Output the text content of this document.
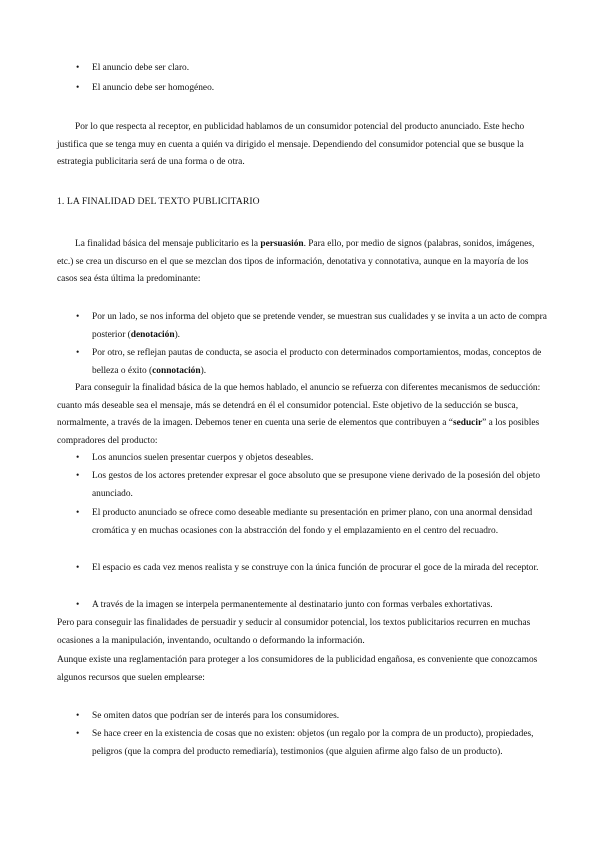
• El anuncio debe ser claro.

• El anuncio debe ser homogéneo.

Por lo que respecta al receptor, en publicidad hablamos de un consumidor potencial del producto anunciado. Este hecho justifica que se tenga muy en cuenta a quién va dirigido el mensaje. Dependiendo del consumidor potencial que se busque la estrategia publicitaria será de una forma o de otra.

1. LA FINALIDAD DEL TEXTO PUBLICITARIO

La finalidad básica del mensaje publicitario es la persuasión. Para ello, por medio de signos (palabras, sonidos, imágenes, etc.) se crea un discurso en el que se mezclan dos tipos de información, denotativa y connotativa, aunque en la mayoría de los casos sea ésta última la predominante:

• Por un lado, se nos informa del objeto que se pretende vender, se muestran sus cualidades y se invita a un acto de compra posterior (denotación).

• Por otro, se reflejan pautas de conducta, se asocia el producto con determinados comportamientos, modas, conceptos de belleza o éxito (connotación).

Para conseguir la finalidad básica de la que hemos hablado, el anuncio se refuerza con diferentes mecanismos de seducción: cuanto más deseable sea el mensaje, más se detendrá en él el consumidor potencial. Este objetivo de la seducción se busca, normalmente, a través de la imagen. Debemos tener en cuenta una serie de elementos que contribuyen a “seducir” a los posibles compradores del producto:

• Los anuncios suelen presentar cuerpos y objetos deseables.

• Los gestos de los actores pretender expresar el goce absoluto que se presupone viene derivado de la posesión del objeto anunciado.

• El producto anunciado se ofrece como deseable mediante su presentación en primer plano, con una anormal densidad cromática y en muchas ocasiones con la abstracción del fondo y el emplazamiento en el centro del recuadro.

• El espacio es cada vez menos realista y se construye con la única función de procurar el goce de la mirada del receptor.

• A través de la imagen se interpela permanentemente al destinatario junto con formas verbales exhortativas.

Pero para conseguir las finalidades de persuadir y seducir al consumidor potencial, los textos publicitarios recurren en muchas ocasiones a la manipulación, inventando, ocultando o deformando la información.

Aunque existe una reglamentación para proteger a los consumidores de la publicidad engañosa, es conveniente que conozcamos algunos recursos que suelen emplearse:

• Se omiten datos que podrían ser de interés para los consumidores.

• Se hace creer en la existencia de cosas que no existen: objetos (un regalo por la compra de un producto), propiedades, peligros (que la compra del producto remediaría), testimonios (que alguien afirme algo falso de un producto).
